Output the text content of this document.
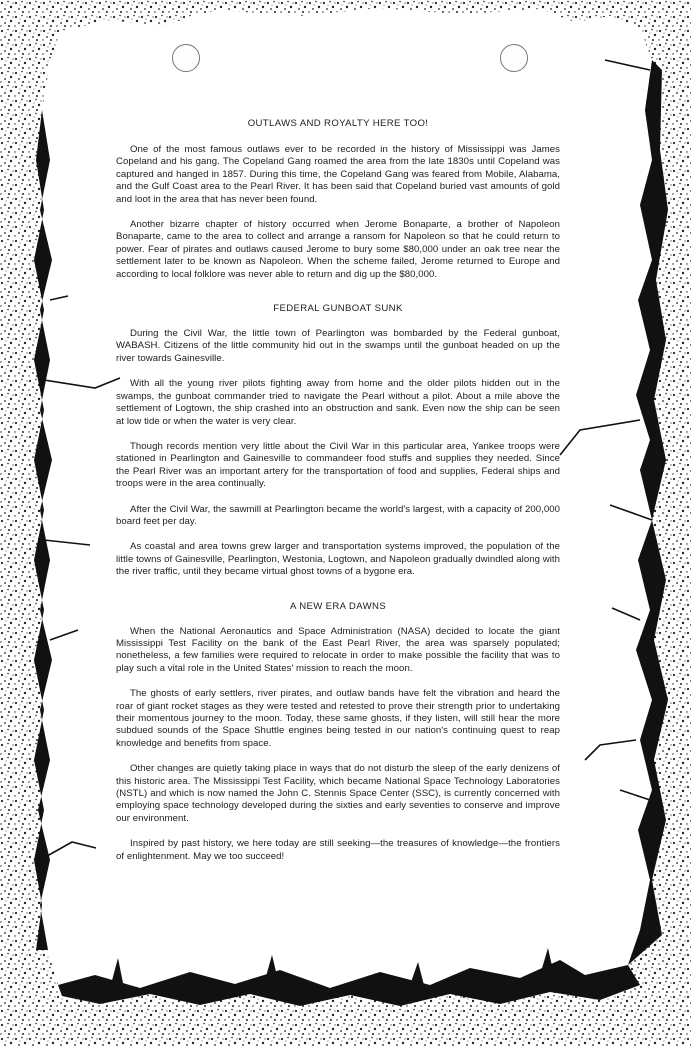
OUTLAWS AND ROYALTY HERE TOO!

One of the most famous outlaws ever to be recorded in the history of Mississippi was James Copeland and his gang. The Copeland Gang roamed the area from the late 1830s until Copeland was captured and hanged in 1857. During this time, the Copeland Gang was feared from Mobile, Alabama, and the Gulf Coast area to the Pearl River. It has been said that Copeland buried vast amounts of gold and loot in the area that has never been found.

Another bizarre chapter of history occurred when Jerome Bonaparte, a brother of Napoleon Bonaparte, came to the area to collect and arrange a ransom for Napoleon so that he could return to power. Fear of pirates and outlaws caused Jerome to bury some $80,000 under an oak tree near the settlement later to be known as Napoleon. When the scheme failed, Jerome returned to Europe and according to local folklore was never able to return and dig up the $80,000.

FEDERAL GUNBOAT SUNK

During the Civil War, the little town of Pearlington was bombarded by the Federal gunboat, WABASH. Citizens of the little community hid out in the swamps until the gunboat headed on up the river towards Gainesville.

With all the young river pilots fighting away from home and the older pilots hidden out in the swamps, the gunboat commander tried to navigate the Pearl without a pilot. About a mile above the settlement of Logtown, the ship crashed into an obstruction and sank. Even now the ship can be seen at low tide or when the water is very clear.

Though records mention very little about the Civil War in this particular area, Yankee troops were stationed in Pearlington and Gainesville to commandeer food stuffs and supplies they needed. Since the Pearl River was an important artery for the transportation of food and supplies, Federal ships and troops were in the area continually.

After the Civil War, the sawmill at Pearlington became the world's largest, with a capacity of 200,000 board feet per day.

As coastal and area towns grew larger and transportation systems improved, the population of the little towns of Gainesville, Pearlington, Westonia, Logtown, and Napoleon gradually dwindled along with the river traffic, until they became virtual ghost towns of a bygone era.

A NEW ERA DAWNS

When the National Aeronautics and Space Administration (NASA) decided to locate the giant Mississippi Test Facility on the bank of the East Pearl River, the area was sparsely populated; nonetheless, a few families were required to relocate in order to make possible the facility that was to play such a vital role in the United States' mission to reach the moon.

The ghosts of early settlers, river pirates, and outlaw bands have felt the vibration and heard the roar of giant rocket stages as they were tested and retested to prove their strength prior to undertaking their momentous journey to the moon. Today, these same ghosts, if they listen, will still hear the more subdued sounds of the Space Shuttle engines being tested in our nation's continuing quest to reap knowledge and benefits from space.

Other changes are quietly taking place in ways that do not disturb the sleep of the early denizens of this historic area. The Mississippi Test Facility, which became National Space Technology Laboratories (NSTL) and which is now named the John C. Stennis Space Center (SSC), is currently concerned with employing space technology developed during the sixties and early seventies to conserve and improve our environment.

Inspired by past history, we here today are still seeking—the treasures of knowledge—the frontiers of enlightenment. May we too succeed!
